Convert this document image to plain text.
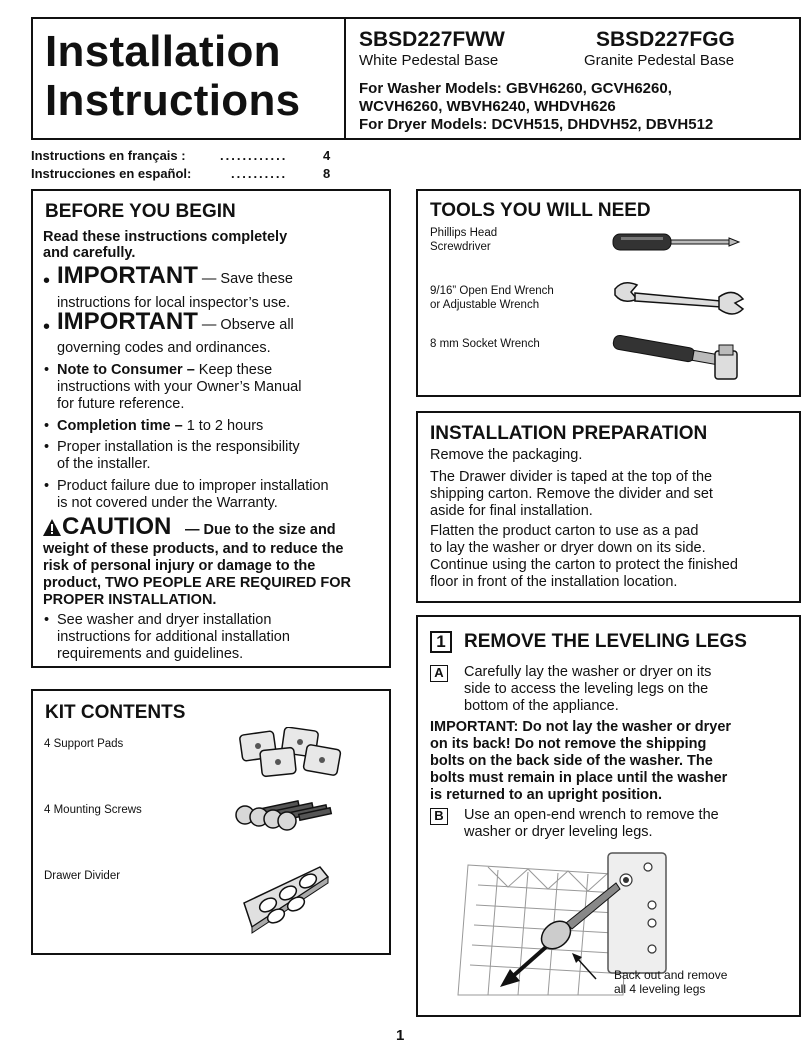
Installation
Instructions
SBSD227FWW
White Pedestal Base
SBSD227FGG
Granite Pedestal Base
For Washer Models: GBVH6260, GCVH6260,
WCVH6260, WBVH6240, WHDVH626
For Dryer Models: DCVH515, DHDVH52, DBVH512
Instructions en français :	............	4
Instrucciones en español:	..........	8
BEFORE YOU BEGIN
Read these instructions completely
and carefully.
• IMPORTANT — Save these
instructions for local inspector’s use.
• IMPORTANT — Observe all
governing codes and ordinances.
• Note to Consumer – Keep these
instructions with your Owner’s Manual
for future reference.
• Completion time – 1 to 2 hours
• Proper installation is the responsibility
of the installer.
• Product failure due to improper installation
is not covered under the Warranty.
CAUTION — Due to the size and
weight of these products, and to reduce the
risk of personal injury or damage to the
product, TWO PEOPLE ARE REQUIRED FOR
PROPER INSTALLATION.
• See washer and dryer installation
instructions for additional installation
requirements and guidelines.
KIT CONTENTS
4 Support Pads
4 Mounting Screws
Drawer Divider
TOOLS YOU WILL NEED
Phillips Head
Screwdriver
9/16” Open End Wrench
or Adjustable Wrench
8 mm Socket Wrench
INSTALLATION PREPARATION
Remove the packaging.
The Drawer divider is taped at the top of the
shipping carton. Remove the divider and set
aside for final installation.
Flatten the product carton to use as a pad
to lay the washer or dryer down on its side.
Continue using the carton to protect the finished
floor in front of the installation location.
1 REMOVE THE LEVELING LEGS
A Carefully lay the washer or dryer on its
side to access the leveling legs on the
bottom of the appliance.
IMPORTANT: Do not lay the washer or dryer
on its back! Do not remove the shipping
bolts on the back side of the washer. The
bolts must remain in place until the washer
is returned to an upright position.
B Use an open-end wrench to remove the
washer or dryer leveling legs.
Back out and remove
all 4 leveling legs
1
